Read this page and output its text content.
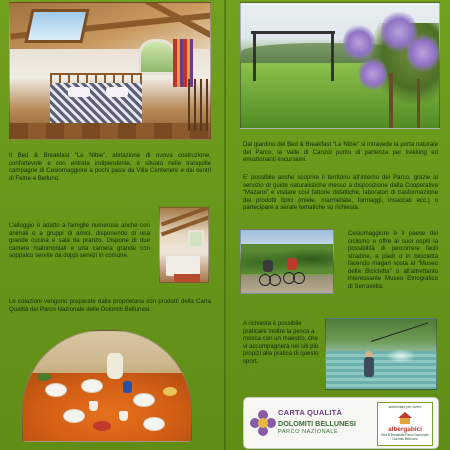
Il Bed & Breakfast “Le Nibie”, abitazione di nuova costruzione, confortevole e con entrata indipendente, è situato nelle tranquille campagne di Cesiomaggiore a pochi passi da Villa Centenere e dai centri di Feltre e Belluno.

L’alloggio è adatto a famiglie numerose anche con animali o a gruppi di amici, disponendo di una grande cucina e sala da pranzo. Dispone di due camere matrimoniali e una camera grande con soppalco servite da doppi servizi in comune.

Le colazioni vengono preparate dalla proprietaria con prodotti della Carta Qualità del Parco Nazionale delle Dolomiti Bellunesi.

Dal giardino del Bed & Breakfast “Le Nibie” si intravede la porta naturale del Parco, la Valle di Canzoi punto di partenza per trekking ed emozionanti escursioni.

E’ possibile anche scoprire il territorio all’interno del Parco, grazie al servizio di guide naturalistiche messo a disposizione dalla Cooperativa “Mazarol” e visitare così fattorie didattiche, laboratori di trasformazione dei prodotti tipici (miele, marmellate, formaggi, insaccati ecc.) o partecipare a serate tematiche su richiesta.

Cesiomaggiore è il paese del ciclismo e offre ai suoi ospiti la possibilità di percorrere facili stradine, a piedi o in bicicletta facendo magari sosta al “Museo della Bicicletta” o all’altrettanto interessante Museo Etnografico di Serravella.

A richiesta è possibile praticare inoltre la pesca a mosca con un maestro, che vi accompagnerà nei siti più propizi alla pratica di questo sport.

CARTA QUALITÀ
DOLOMITI BELLUNESI
PARCO NAZIONALE
ambientare per vivere
albergabici
Bed & Breakfast Parco Nazionale Dolomiti Bellunesi
